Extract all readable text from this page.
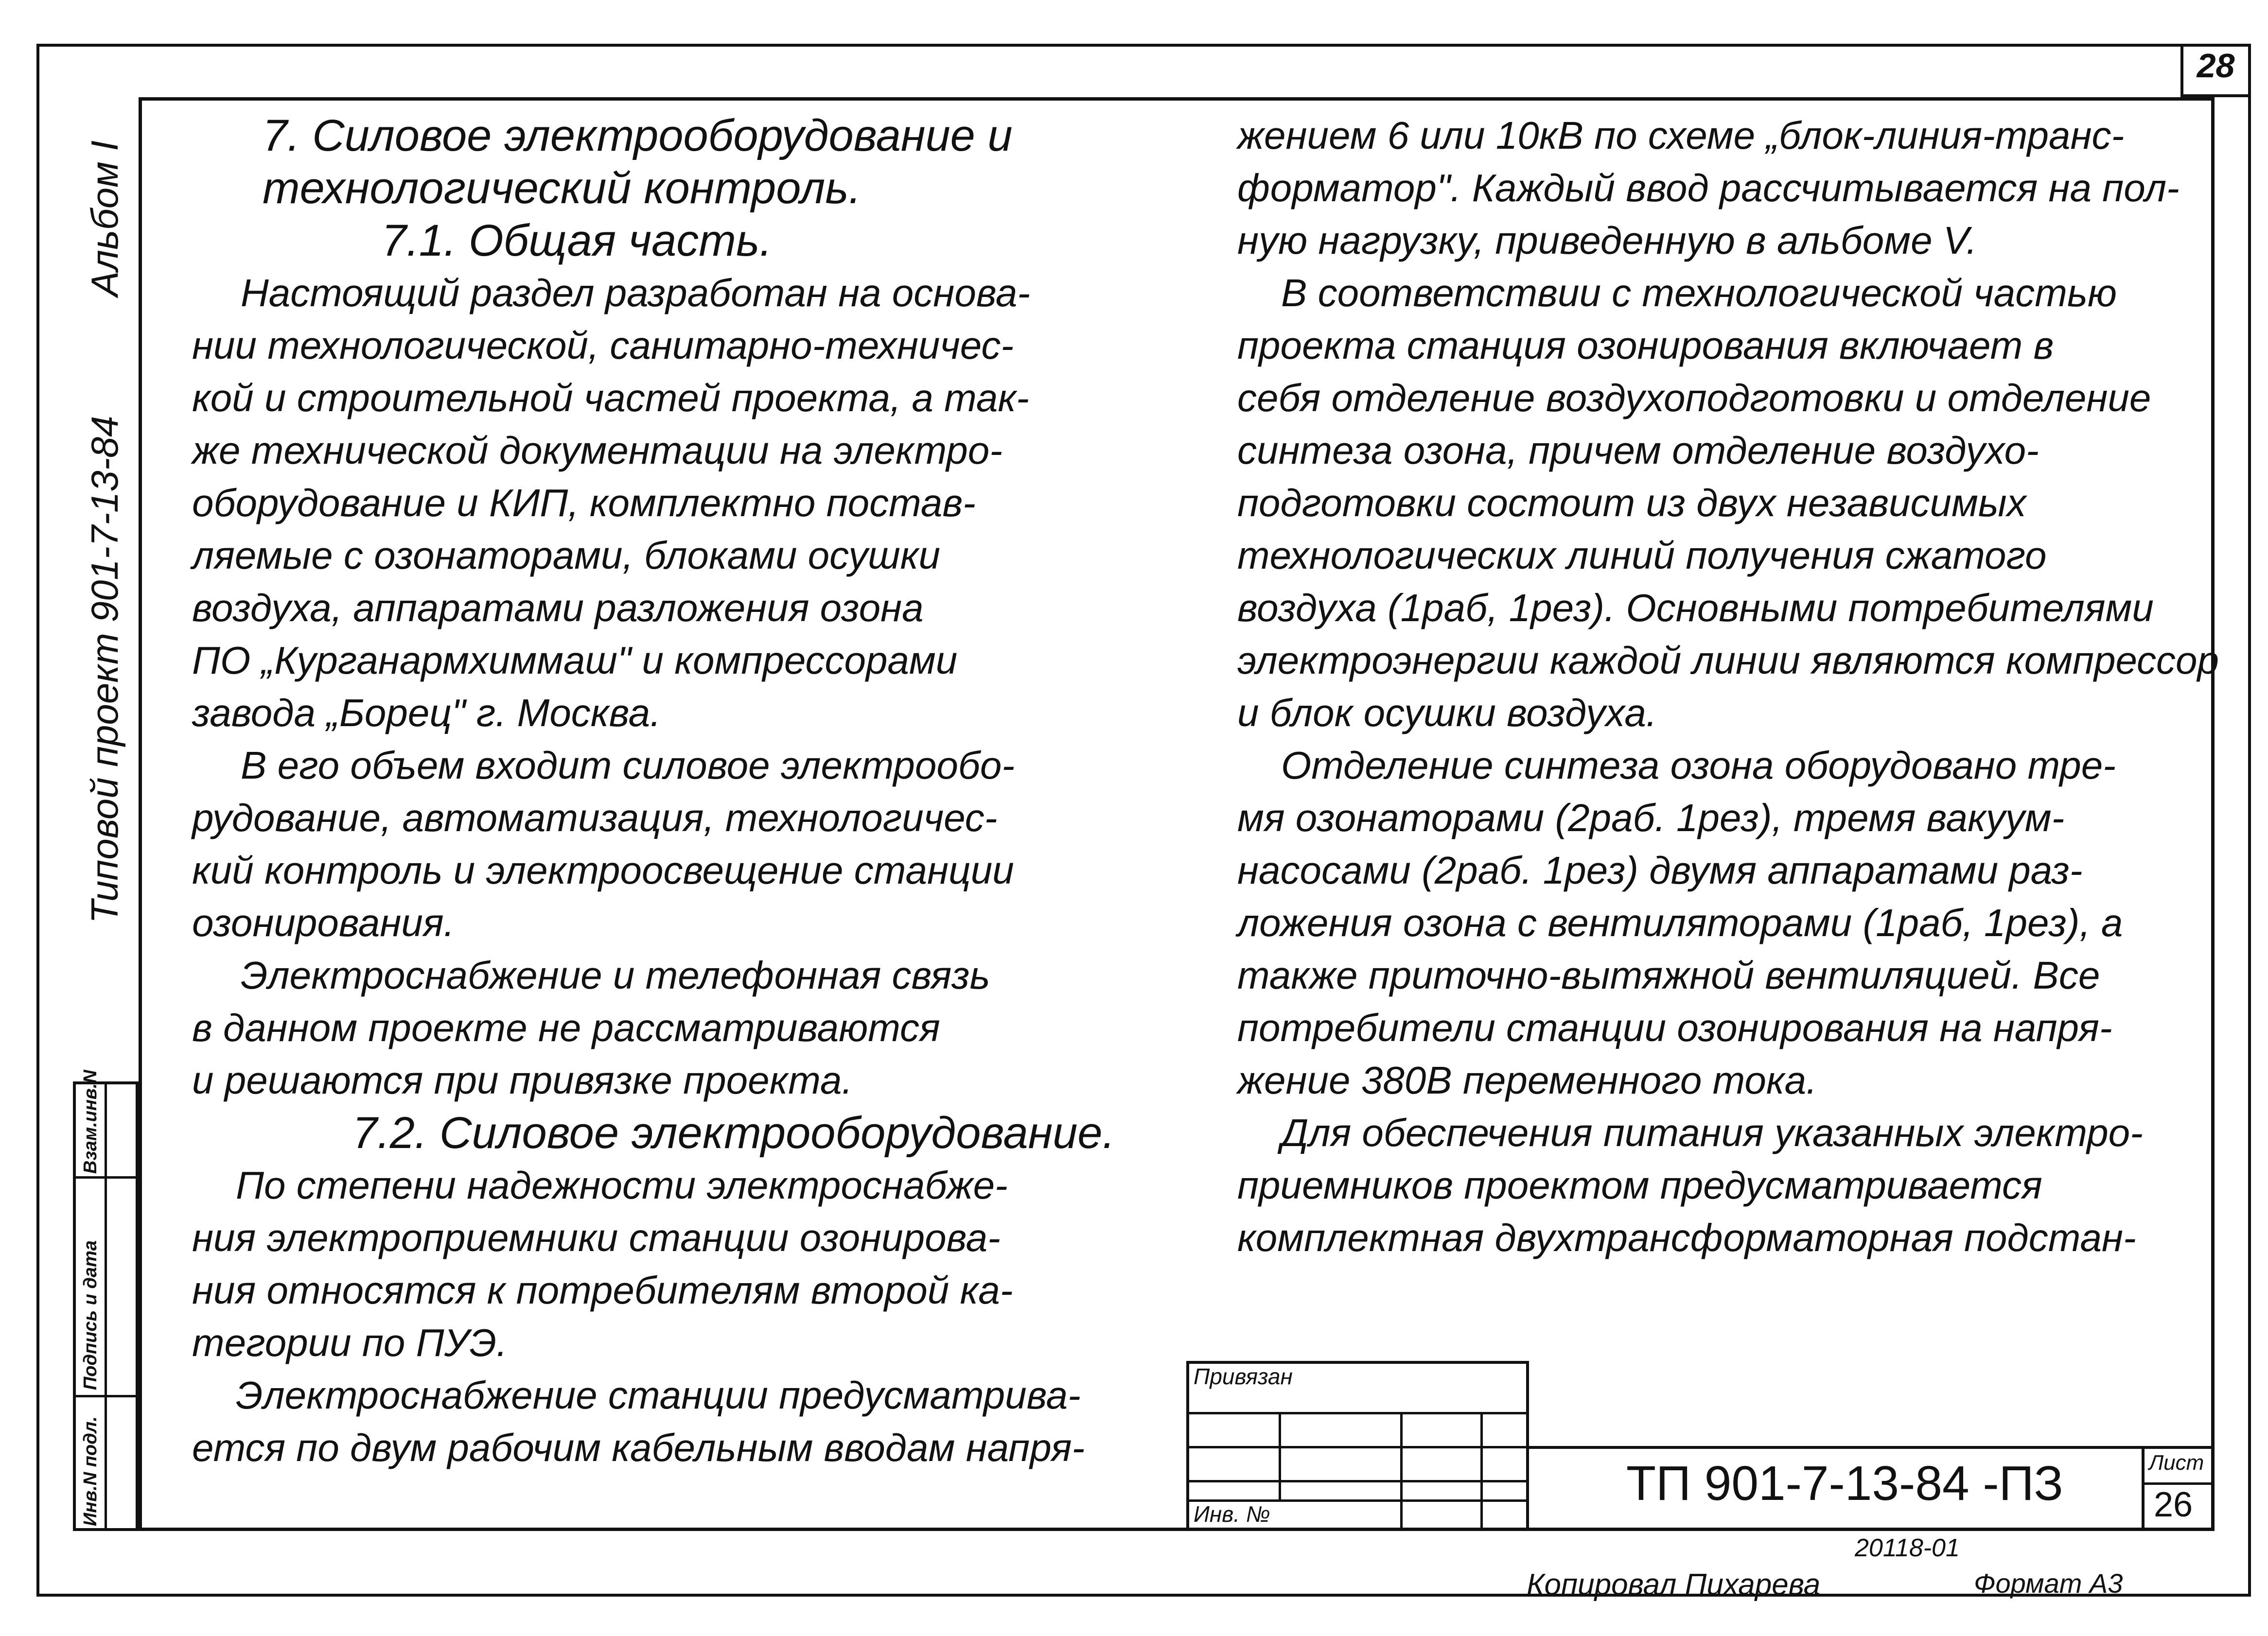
28
Альбом I
Типовой проект 901-7-13-84
Взам.инв.N
Подпись и дата
Инв.N подл.
7. Силовое электрооборудование и
технологический контроль.
7.1. Общая часть.
Настоящий раздел разработан на основа-
нии технологической, санитарно-техничес-
кой и строительной частей проекта, а так-
же технической документации на электро-
оборудование и КИП, комплектно постав-
ляемые с озонаторами, блоками осушки
воздуха, аппаратами разложения озона
ПО „Курганармхиммаш" и компрессорами
завода „Борец" г. Москва.
В его объем входит силовое электрообо-
рудование, автоматизация, технологичес-
кий контроль и электроосвещение станции
озонирования.
Электроснабжение и телефонная связь
в данном проекте не рассматриваются
и решаются при привязке проекта.
7.2. Силовое электрооборудование.
По степени надежности электроснабже-
ния электроприемники станции озонирова-
ния относятся к потребителям второй ка-
тегории по ПУЭ.
Электроснабжение станции предусматрива-
ется по двум рабочим кабельным вводам напря-
жением 6 или 10кВ по схеме „блок-линия-транс-
форматор". Каждый ввод рассчитывается на пол-
ную нагрузку, приведенную в альбоме V.
В соответствии с технологической частью
проекта станция озонирования включает в
себя отделение воздухоподготовки и отделение
синтеза озона, причем отделение воздухо-
подготовки состоит из двух независимых
технологических линий получения сжатого
воздуха (1раб, 1рез). Основными потребителями
электроэнергии каждой линии являются компрессор
и блок осушки воздуха.
Отделение синтеза озона оборудовано тре-
мя озонаторами (2раб. 1рез), тремя вакуум-
насосами (2раб. 1рез) двумя аппаратами раз-
ложения озона с вентиляторами (1раб, 1рез), а
также приточно-вытяжной вентиляцией. Все
потребители станции озонирования на напря-
жение 380В переменного тока.
Для обеспечения питания указанных электро-
приемников проектом предусматривается
комплектная двухтрансформаторная подстан-
Привязан
Инв. №
ТП 901-7-13-84 -ПЗ	Лист
26
20118-01
Копировал Пихарева	Формат А3
